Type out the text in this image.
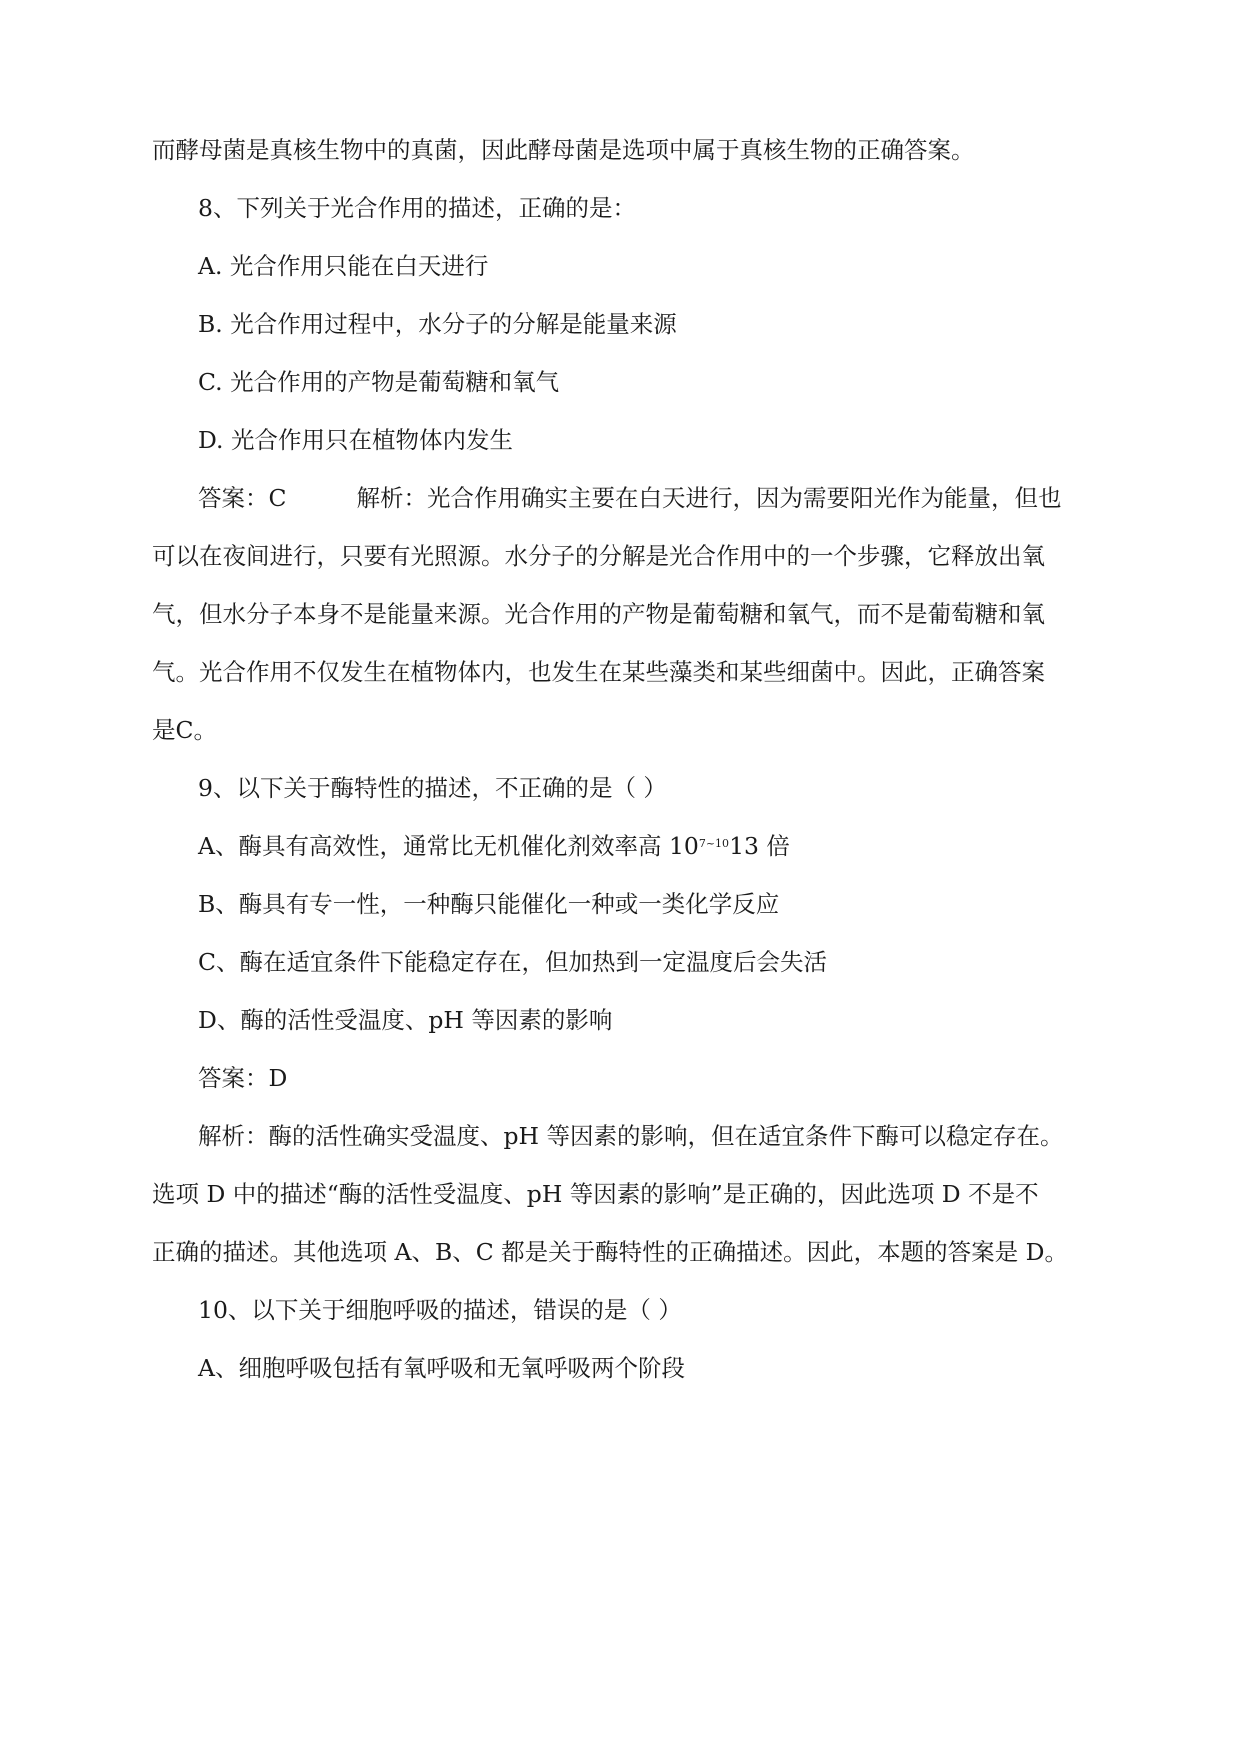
而酵母菌是真核生物中的真菌，因此酵母菌是选项中属于真核生物的正确答案。
8、下列关于光合作用的描述，正确的是：
A. 光合作用只能在白天进行
B. 光合作用过程中，水分子的分解是能量来源
C. 光合作用的产物是葡萄糖和氧气
D. 光合作用只在植物体内发生
答案：C	解析：光合作用确实主要在白天进行，因为需要阳光作为能量，但也
可以在夜间进行，只要有光照源。水分子的分解是光合作用中的一个步骤，它释放出氧
气，但水分子本身不是能量来源。光合作用的产物是葡萄糖和氧气，而不是葡萄糖和氧
气。光合作用不仅发生在植物体内，也发生在某些藻类和某些细菌中。因此，正确答案
是C。
9、以下关于酶特性的描述，不正确的是（ ）
A、酶具有高效性，通常比无机催化剂效率高 $10^{7\sim 10}13$ 倍
B、酶具有专一性，一种酶只能催化一种或一类化学反应
C、酶在适宜条件下能稳定存在，但加热到一定温度后会失活
D、酶的活性受温度、pH 等因素的影响
答案：D
解析：酶的活性确实受温度、pH 等因素的影响，但在适宜条件下酶可以稳定存在。
选项 D 中的描述“酶的活性受温度、pH 等因素的影响”是正确的，因此选项 D 不是不
正确的描述。其他选项 A、B、C 都是关于酶特性的正确描述。因此，本题的答案是 D。
10、以下关于细胞呼吸的描述，错误的是（ ）
A、细胞呼吸包括有氧呼吸和无氧呼吸两个阶段
